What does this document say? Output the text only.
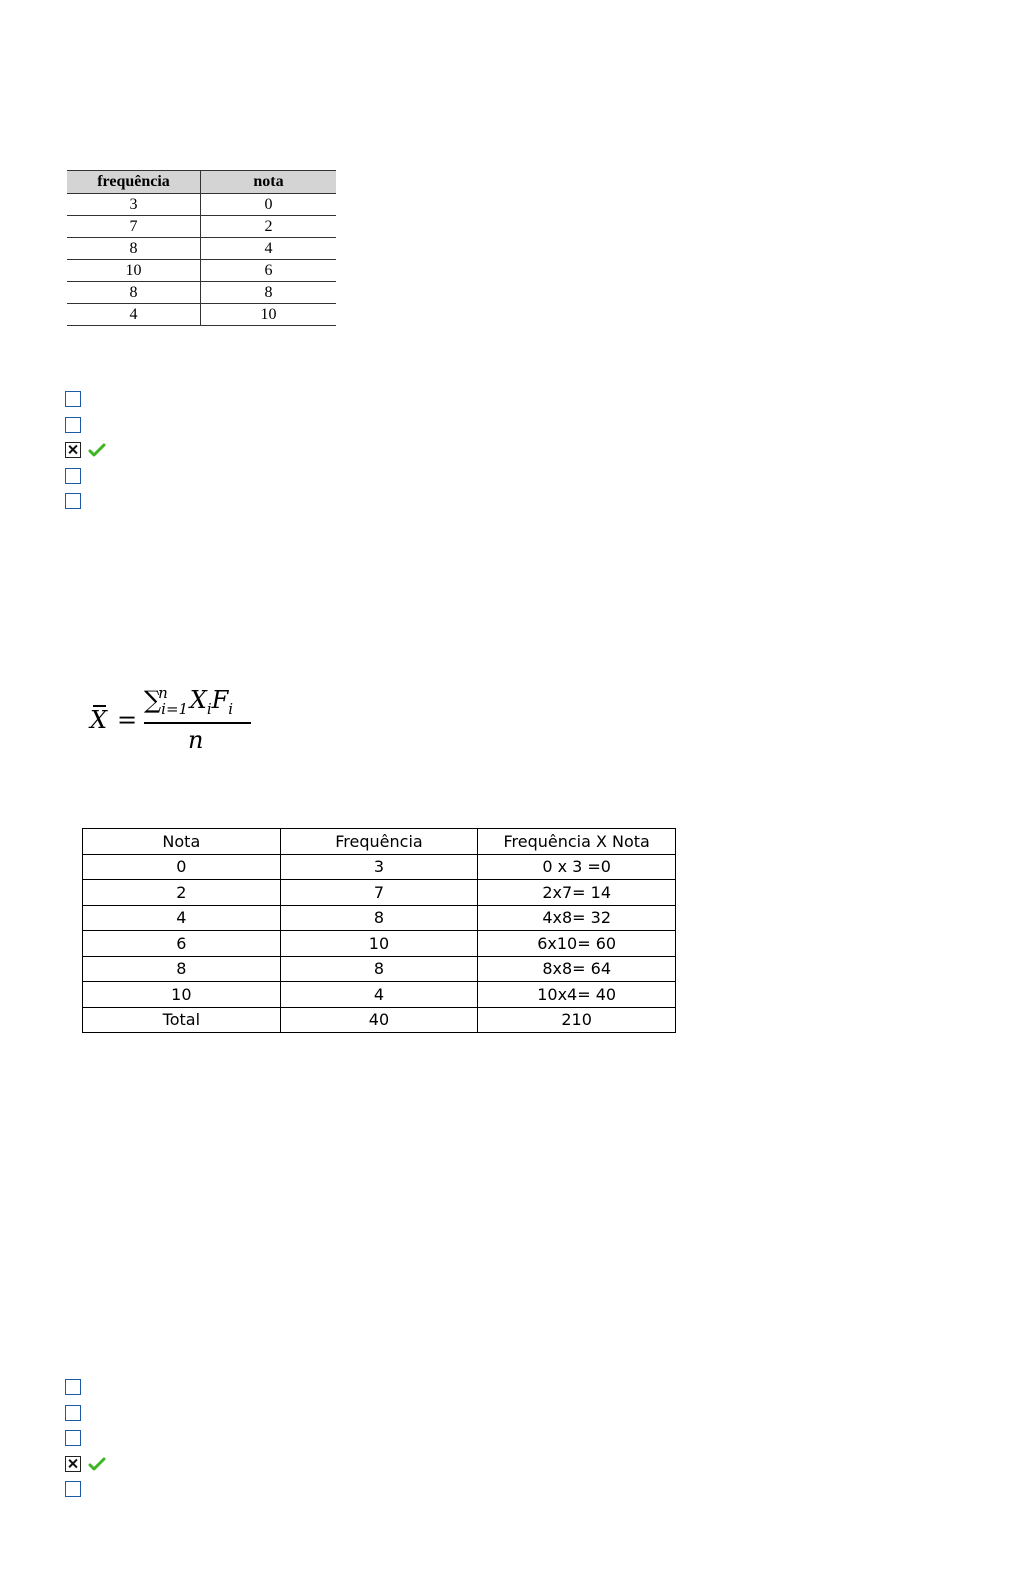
frequência	nota
3	0
7	2
8	4
10	6
8	8
4	10
X =
$\sum_{i=1}^n$ $X_iF_i$
n
Nota	Frequência	Frequência X Nota
0	3	0 x 3 =0
2	7	2x7= 14
4	8	4x8= 32
6	10	6x10= 60
8	8	8x8= 64
10	4	10x4= 40
Total	40	210
